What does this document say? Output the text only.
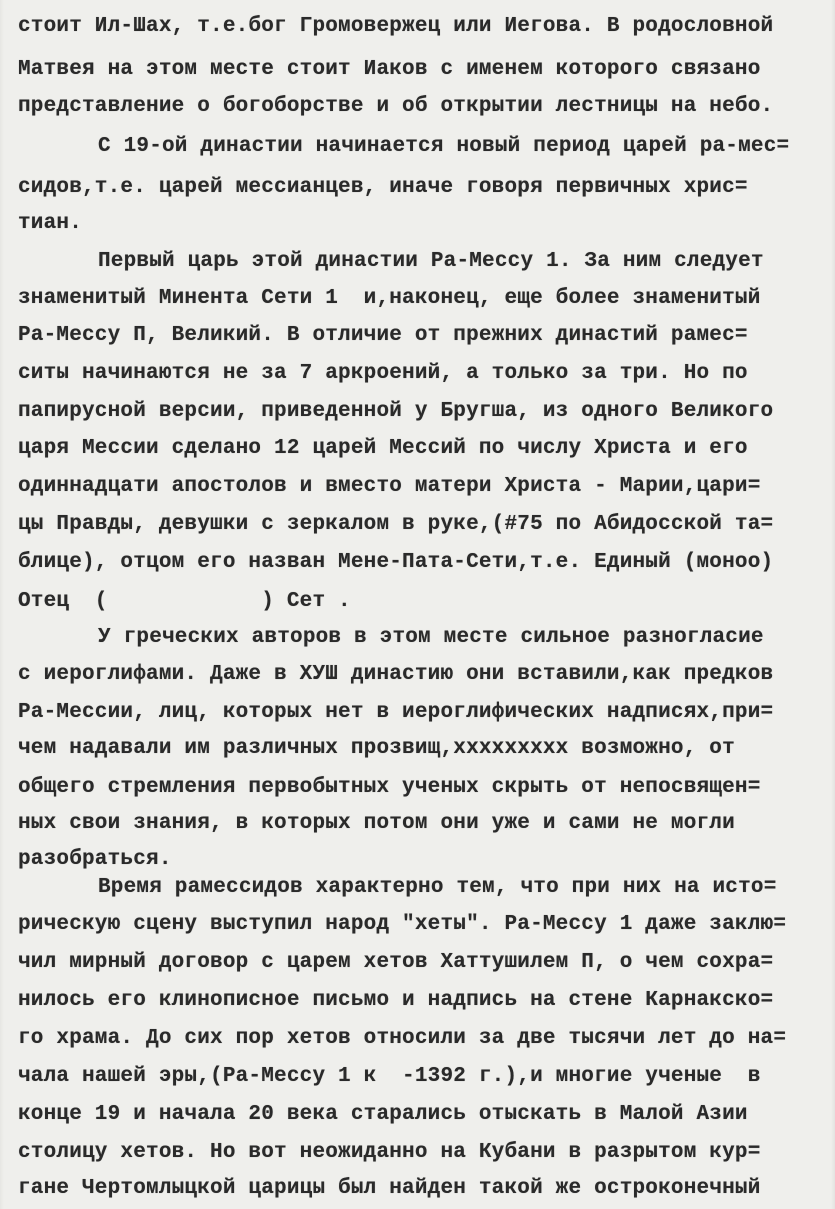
стоит Ил-Шах, т.е.бог Громовержец или Иегова. В родословной
Матвея на этом месте стоит Иаков с именем которого связано
представление о богоборстве и об открытии лестницы на небо.
С 19-ой династии начинается новый период царей ра-мес=
сидов,т.е. царей мессианцев, иначе говоря первичных хрис=
тиан.
Первый царь этой династии Ра-Мессу 1. За ним следует
знаменитый Минента Сети 1  и,наконец, еще более знаменитый
Ра-Мессу П, Великий. В отличие от прежних династий рамес=
ситы начинаются не за 7 аркроений, а только за три. Но по
папирусной версии, приведенной у Бругша, из одного Великого
царя Мессии сделано 12 царей Мессий по числу Христа и его
одиннадцати апостолов и вместо матери Христа - Марии,цари=
цы Правды, девушки с зеркалом в руке,(#75 по Абидосской та=
блице), отцом его назван Мене-Пата-Сети,т.е. Единый (моноо)
Отец  (            ) Сет .
У греческих авторов в этом месте сильное разногласие
с иероглифами. Даже в ХУШ династию они вставили,как предков
Ра-Мессии, лиц, которых нет в иероглифических надписях,при=
чем надавали им различных прозвищ,xxxxxxxxx возможно, от
общего стремления первобытных ученых скрыть от непосвящен=
ных свои знания, в которых потом они уже и сами не могли
разобраться.
Время рамессидов характерно тем, что при них на исто=
рическую сцену выступил народ "хеты". Ра-Мессу 1 даже заклю=
чил мирный договор с царем хетов Хаттушилем П, о чем сохра=
нилось его клинописное письмо и надпись на стене Карнакско=
го храма. До сих пор хетов относили за две тысячи лет до на=
чала нашей эры,(Ра-Мессу 1 к  -1392 г.),и многие ученые  в
конце 19 и начала 20 века старались отыскать в Малой Азии
столицу хетов. Но вот неожиданно на Кубани в разрытом кур=
гане Чертомлыцкой царицы был найден такой же остроконечный
